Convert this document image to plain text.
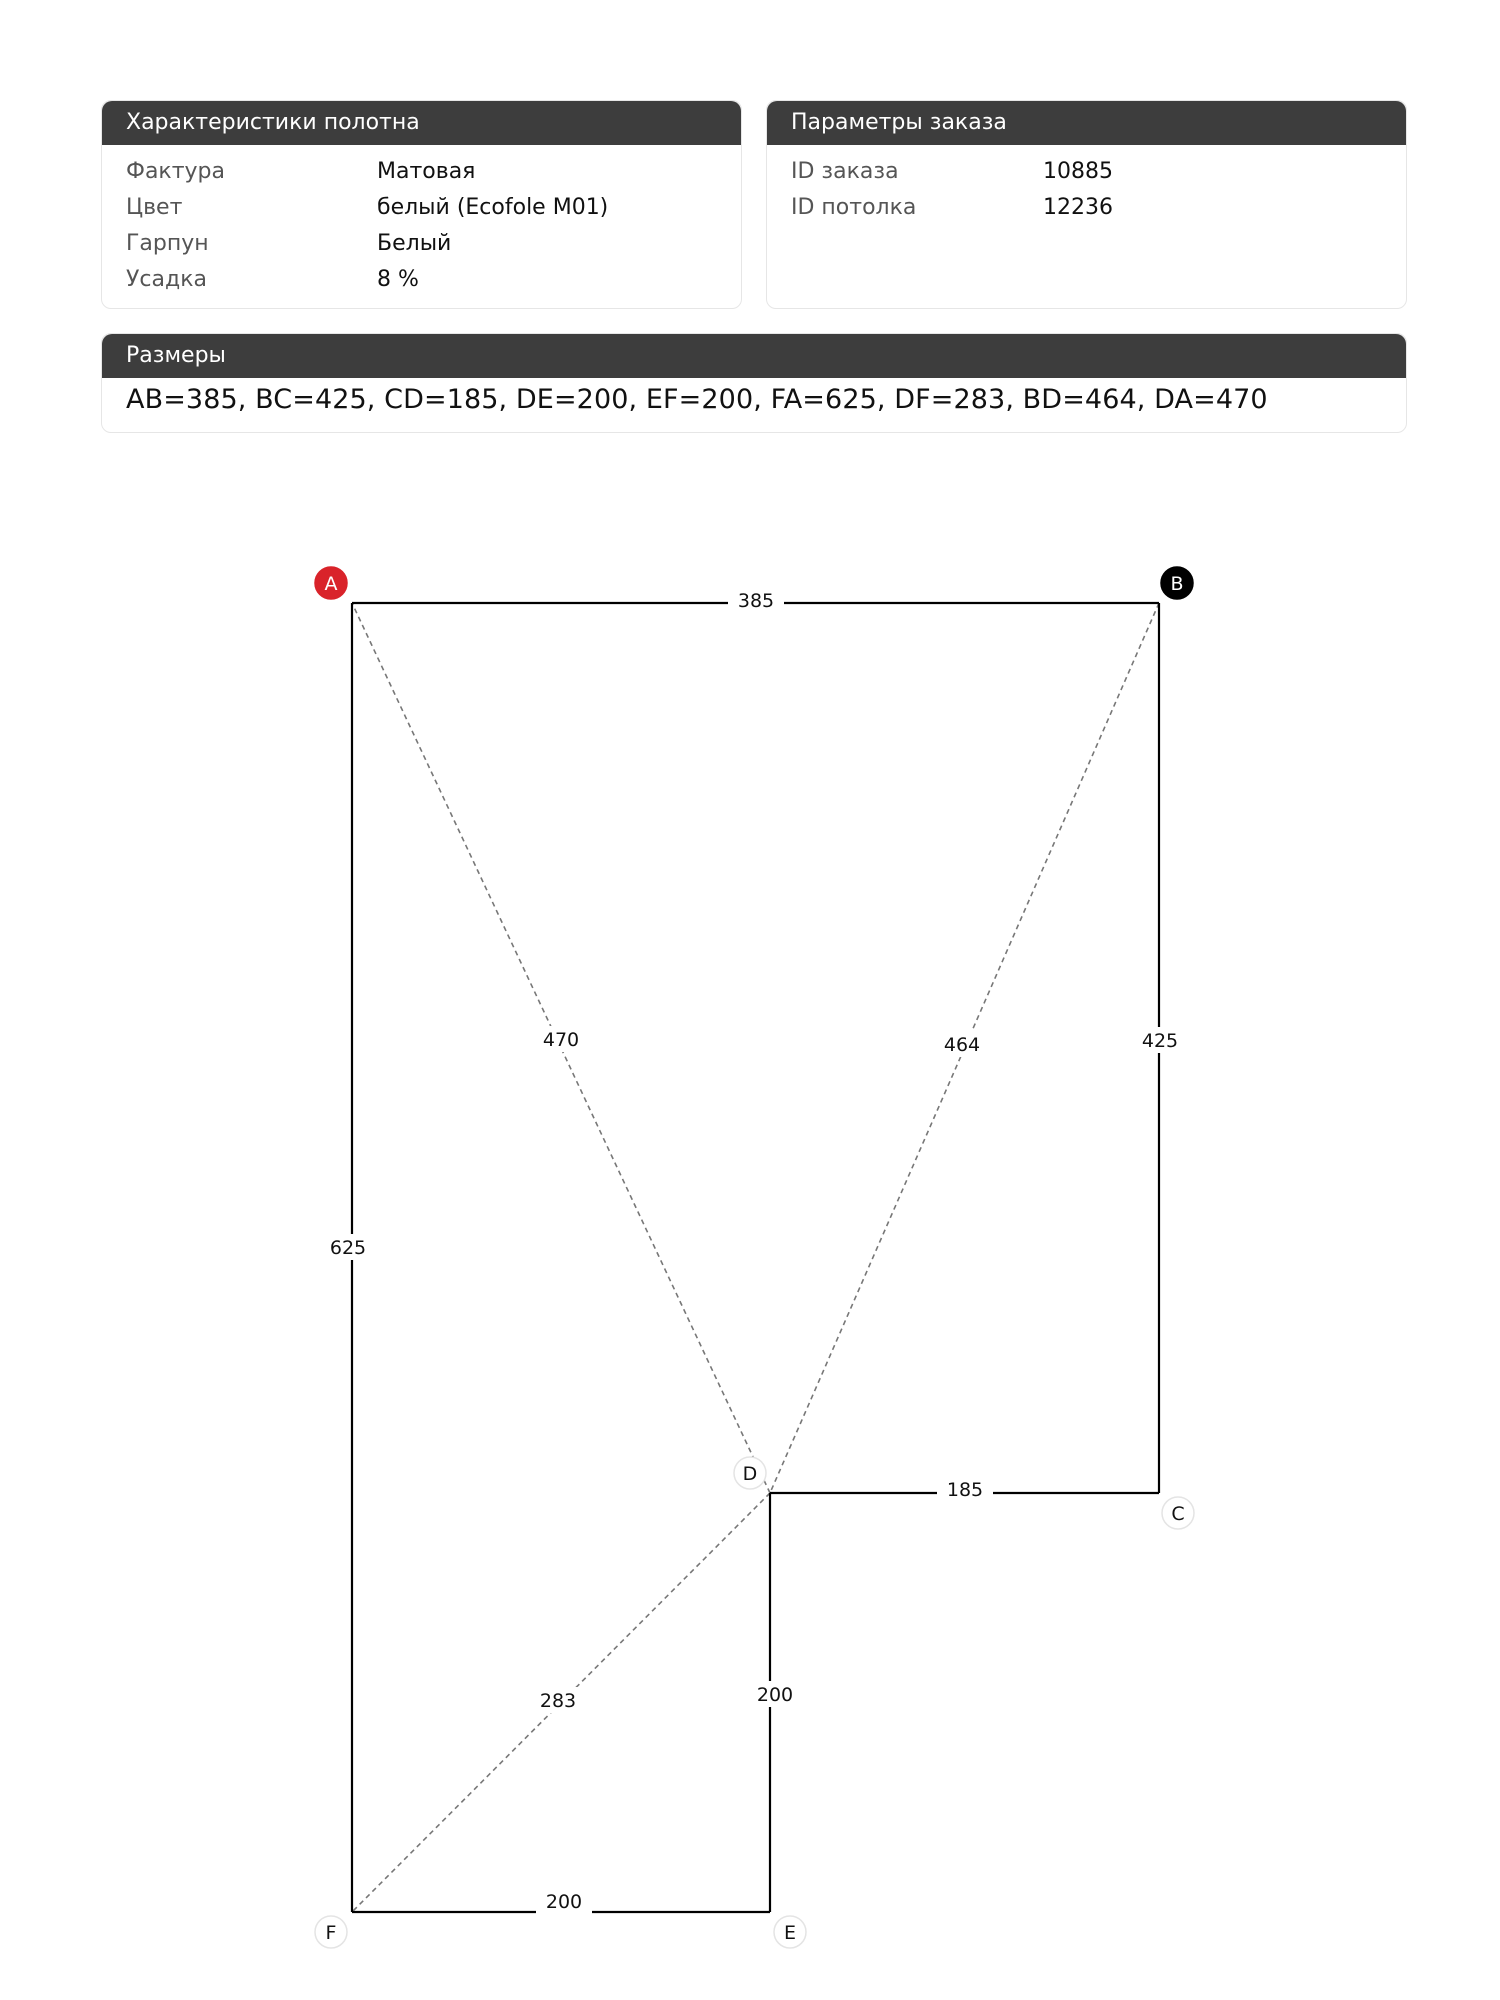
Характеристики полотна
Фактура	Матовая
Цвет	белый (Ecofole M01)
Гарпун	Белый
Усадка	8 %
Параметры заказа
ID заказа	10885
ID потолка	12236
Размеры
AB=385, BC=425, CD=185, DE=200, EF=200, FA=625, DF=283, BD=464, DA=470
385
425
185
200
200
625
283
464
470
A	B
C
D
E
F
